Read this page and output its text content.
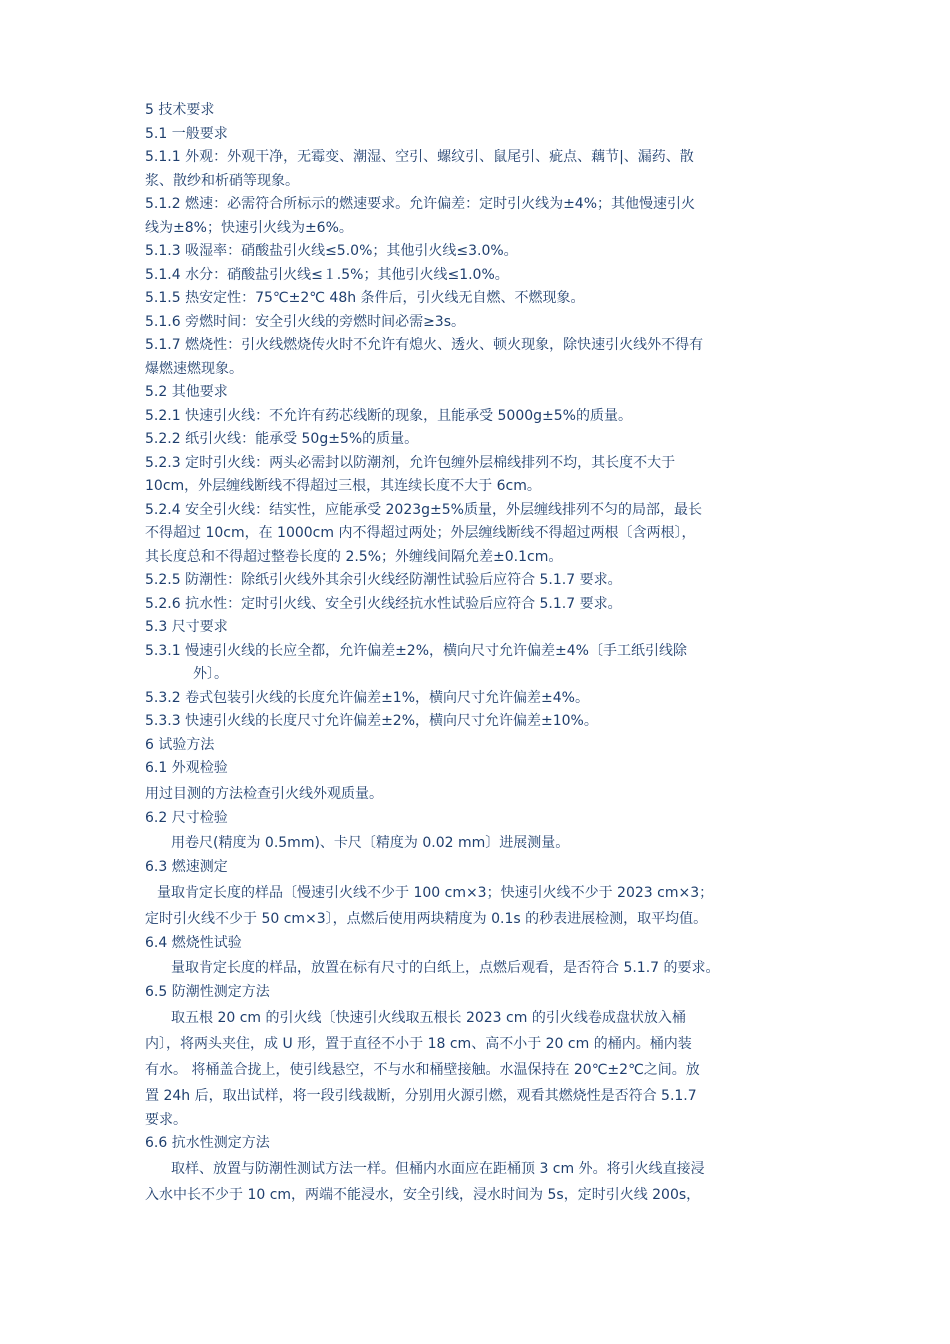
5 技术要求
5.1 一般要求
5.1.1 外观：外观干净，无霉变、潮湿、空引、螺纹引、鼠尾引、疵点、藕节|、漏药、散
浆、散纱和析硝等现象。
5.1.2 燃速：必需符合所标示的燃速要求。允许偏差：定时引火线为±4%；其他慢速引火
线为±8%；快速引火线为±6%。
5.1.3 吸湿率：硝酸盐引火线≤5.0%；其他引火线≤3.0%。
5.1.4 水分：硝酸盐引火线≤１.5%；其他引火线≤1.0%。
5.1.5 热安定性：75℃±2℃ 48h 条件后，引火线无自燃、不燃现象。
5.1.6 旁燃时间：安全引火线的旁燃时间必需≥3s。
5.1.7 燃烧性：引火线燃烧传火时不允许有熄火、透火、顿火现象，除快速引火线外不得有
爆燃速燃现象。
5.2 其他要求
5.2.1 快速引火线：不允许有药芯线断的现象，且能承受 5000g±5%的质量。
5.2.2 纸引火线：能承受 50g±5%的质量。
5.2.3 定时引火线：两头必需封以防潮剂，允许包缠外层棉线排列不均，其长度不大于
10cm，外层缠线断线不得超过三根，其连续长度不大于 6cm。
5.2.4 安全引火线：结实性，应能承受 2023g±5%质量，外层缠线排列不匀的局部，最长
不得超过 10cm，在 1000cm 内不得超过两处；外层缠线断线不得超过两根〔含两根〕，
其长度总和不得超过整卷长度的 2.5%；外缠线间隔允差±0.1cm。
5.2.5 防潮性：除纸引火线外其余引火线经防潮性试验后应符合 5.1.7 要求。
5.2.6 抗水性：定时引火线、安全引火线经抗水性试验后应符合 5.1.7 要求。
5.3 尺寸要求
5.3.1 慢速引火线的长应全都，允许偏差±2%，横向尺寸允许偏差±4%〔手工纸引线除
外〕。
5.3.2 卷式包装引火线的长度允许偏差±1%，横向尺寸允许偏差±4%。
5.3.3 快速引火线的长度尺寸允许偏差±2%，横向尺寸允许偏差±10%。
6 试验方法
6.1 外观检验
用过目测的方法检查引火线外观质量。
6.2 尺寸检验
用卷尺(精度为 0.5mm)、卡尺〔精度为 0.02 mm〕进展测量。
6.3 燃速测定
量取肯定长度的样品〔慢速引火线不少于 100 cm×3；快速引火线不少于 2023 cm×3；
定时引火线不少于 50 cm×3〕，点燃后使用两块精度为 0.1s 的秒表进展检测，取平均值。
6.4 燃烧性试验
量取肯定长度的样品，放置在标有尺寸的白纸上，点燃后观看，是否符合 5.1.7 的要求。
6.5 防潮性测定方法
取五根 20 cm 的引火线〔快速引火线取五根长 2023 cm 的引火线卷成盘状放入桶
内〕，将两头夹住，成 U 形，置于直径不小于 18 cm、高不小于 20 cm 的桶内。桶内装
有水。 将桶盖合拢上，使引线悬空，不与水和桶壁接触。水温保持在 20℃±2℃之间。放
置 24h 后，取出试样，将一段引线裁断，分别用火源引燃，观看其燃烧性是否符合 5.1.7
要求。
6.6 抗水性测定方法
取样、放置与防潮性测试方法一样。但桶内水面应在距桶顶 3 cm 外。将引火线直接浸
入水中长不少于 10 cm，两端不能浸水，安全引线，浸水时间为 5s，定时引火线 200s，
